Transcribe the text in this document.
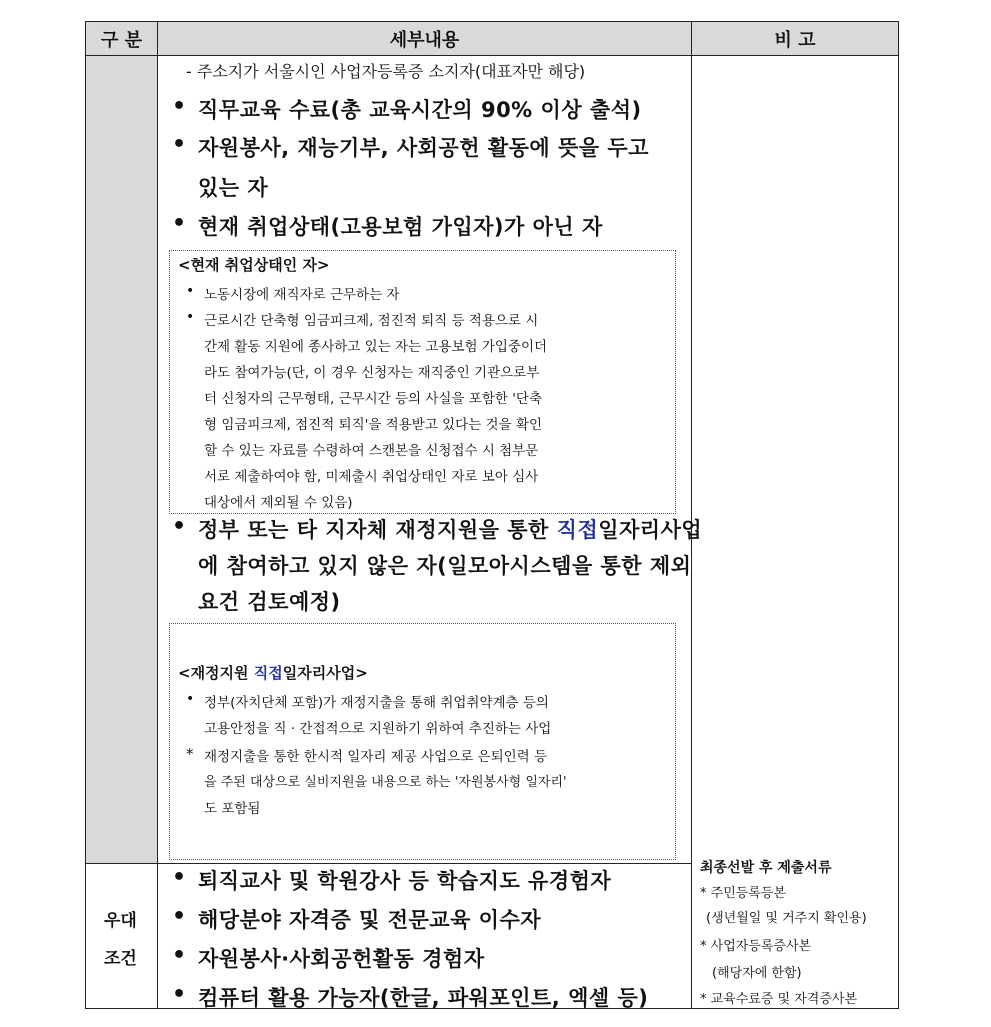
구 분	세부내용	비 고
우대
조건
- 주소지가 서울시인 사업자등록증 소지자(대표자만 해당)
• 직무교육 수료(총 교육시간의 90% 이상 출석)
• 자원봉사, 재능기부, 사회공헌 활동에 뜻을 두고
있는 자
• 현재 취업상태(고용보험 가입자)가 아닌 자
<현재 취업상태인 자>
• 노동시장에 재직자로 근무하는 자
• 근로시간 단축형 임금피크제, 점진적 퇴직 등 적용으로 시
간제 활동 지원에 종사하고 있는 자는 고용보험 가입중이더
라도 참여가능(단, 이 경우 신청자는 재직중인 기관으로부
터 신청자의 근무형태, 근무시간 등의 사실을 포함한 '단축
형 임금피크제, 점진적 퇴직'을 적용받고 있다는 것을 확인
할 수 있는 자료를 수령하여 스캔본을 신청접수 시 첨부문
서로 제출하여야 함, 미제출시 취업상태인 자로 보아 심사
대상에서 제외될 수 있음)
• 정부 또는 타 지자체 재정지원을 통한 직접일자리사업
에 참여하고 있지 않은 자(일모아시스템을 통한 제외
요건 검토예정)
<재정지원 직접일자리사업>
• 정부(자치단체 포함)가 재정지출을 통해 취업취약계층 등의
고용안정을 직 · 간접적으로 지원하기 위하여 추진하는 사업
* 재정지출을 통한 한시적 일자리 제공 사업으로 은퇴인력 등
을 주된 대상으로 실비지원을 내용으로 하는 '자원봉사형 일자리'
도 포함됨
• 퇴직교사 및 학원강사 등 학습지도 유경험자
• 해당분야 자격증 및 전문교육 이수자
• 자원봉사·사회공헌활동 경험자
• 컴퓨터 활용 가능자(한글, 파워포인트, 엑셀 등)
최종선발 후 제출서류
* 주민등록등본
(생년월일 및 거주지 확인용)
* 사업자등록증사본
(해당자에 한함)
* 교육수료증 및 자격증사본
